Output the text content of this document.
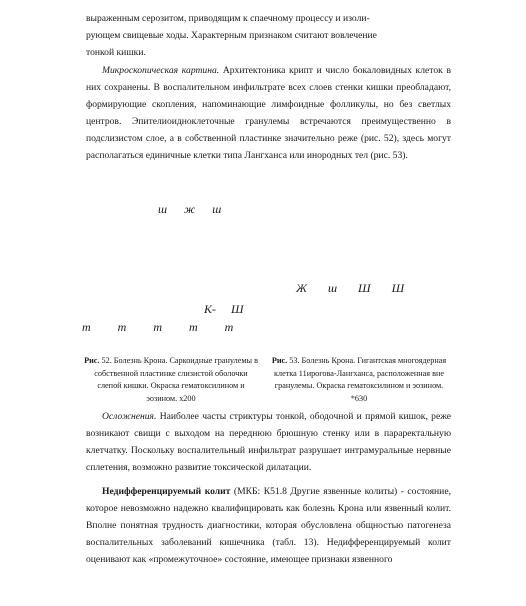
выраженным серозитом, приводящим к спаечному процессу и изоли-

рующем свищевые ходы. Характерным признаком считают вовлечение

тонкой кишки.

Микроскопическая картина. Архитектоника крипт и число бокаловидных клеток в них сохранены. В воспалительном инфильтрате всех слоев стенки кишки преобладают, формирующие скопления, напоминающие лимфоидные фолликулы, но без светлых центров. Эпителиоидноклеточные гранулемы встречаются преимущественно в подслизистом слое, а в собственной пластинке значительно реже (рис. 52), здесь могут располагаться единичные клетки типа Лангханса или инородных тел (рис. 53).

ш ж ш
К- Ш
т т т т т
Ж ш Ш Ш
Рис. 52. Болезнь Крона. Саркоидные гранулемы в собственной пластинке слизистой оболочки слепой кишки. Окраска гематоксилином и эозином. х200
Рис. 53. Болезнь Крона. Гигантская многоядерная клетка 11ирогова-Лангханса, расположенная вне гранулемы. Окраска гематоксилином и эозином. *630

Осложнения. Наиболее часты стриктуры тонкой, ободочной и прямой кишок, реже возникают свищи с выходом на переднюю брюшную стенку или в параректальную клетчатку. Поскольку воспалительный инфильтрат разрушает интрамуральные нервные сплетения, возможно развитие токсической дилатации.

Недифференцируемый колит (МКБ: К51.8 Другие язвенные колиты) - состояние, которое невозможно надежно квалифицировать как болезнь Крона или язвенный колит. Вполне понятная трудность диагностики, которая обусловлена общностью патогенеза воспалительных заболеваний кишечника (табл. 13). Недифференцируемый колит оценивают как «промежуточное» состояние, имеющее признаки язвенного
